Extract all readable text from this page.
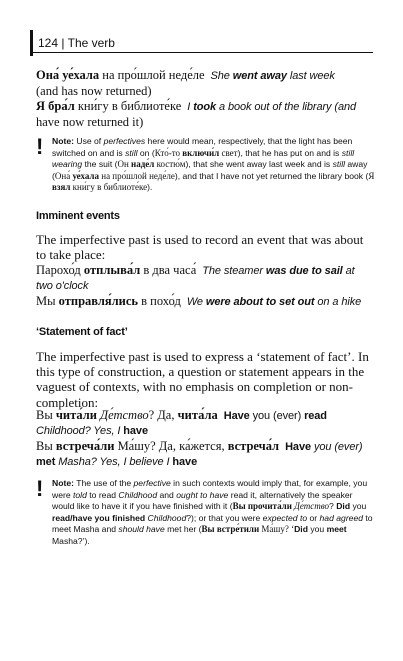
124 | The verb
Она́ уе́хала на про́шлой неде́ле She went away last week
(and has now returned)
Я бра́л кни́гу в библиоте́ке I took a book out of the library (and
have now returned it)
! Note: Use of perfectives here would mean, respectively, that the light has been switched on and is still on (Кто́-то включи́л свет), that he has put on and is still wearing the suit (Он наде́л костю́м), that she went away last week and is still away (Она́ уе́хала на про́шлой неде́ле), and that I have not yet returned the library book (Я взял кни́гу в библиоте́ке).
Imminent events
The imperfective past is used to record an event that was about to take place:
Парохо́д отплыва́л в два часа́ The steamer was due to sail at
two o'clock
Мы отправля́лись в похо́д We were about to set out on a hike
‘Statement of fact’
The imperfective past is used to express a ‘statement of fact’. In this type of construction, a question or statement appears in the vaguest of contexts, with no emphasis on completion or non-completion:
Вы чита́ли Де́тство? Да, чита́ла Have you (ever) read
Childhood? Yes, I have
Вы встреча́ли Ма́шу? Да, ка́жется, встреча́л Have you (ever)
met Masha? Yes, I believe I have
! Note: The use of the perfective in such contexts would imply that, for example, you were told to read Childhood and ought to have read it, alternatively the speaker would like to have it if you have finished with it (Вы прочита́ли Де́тство? Did you read/have you finished Childhood?); or that you were expected to or had agreed to meet Masha and should have met her (Вы встре́тили Ма́шу? ‘Did you meet Masha?’).
